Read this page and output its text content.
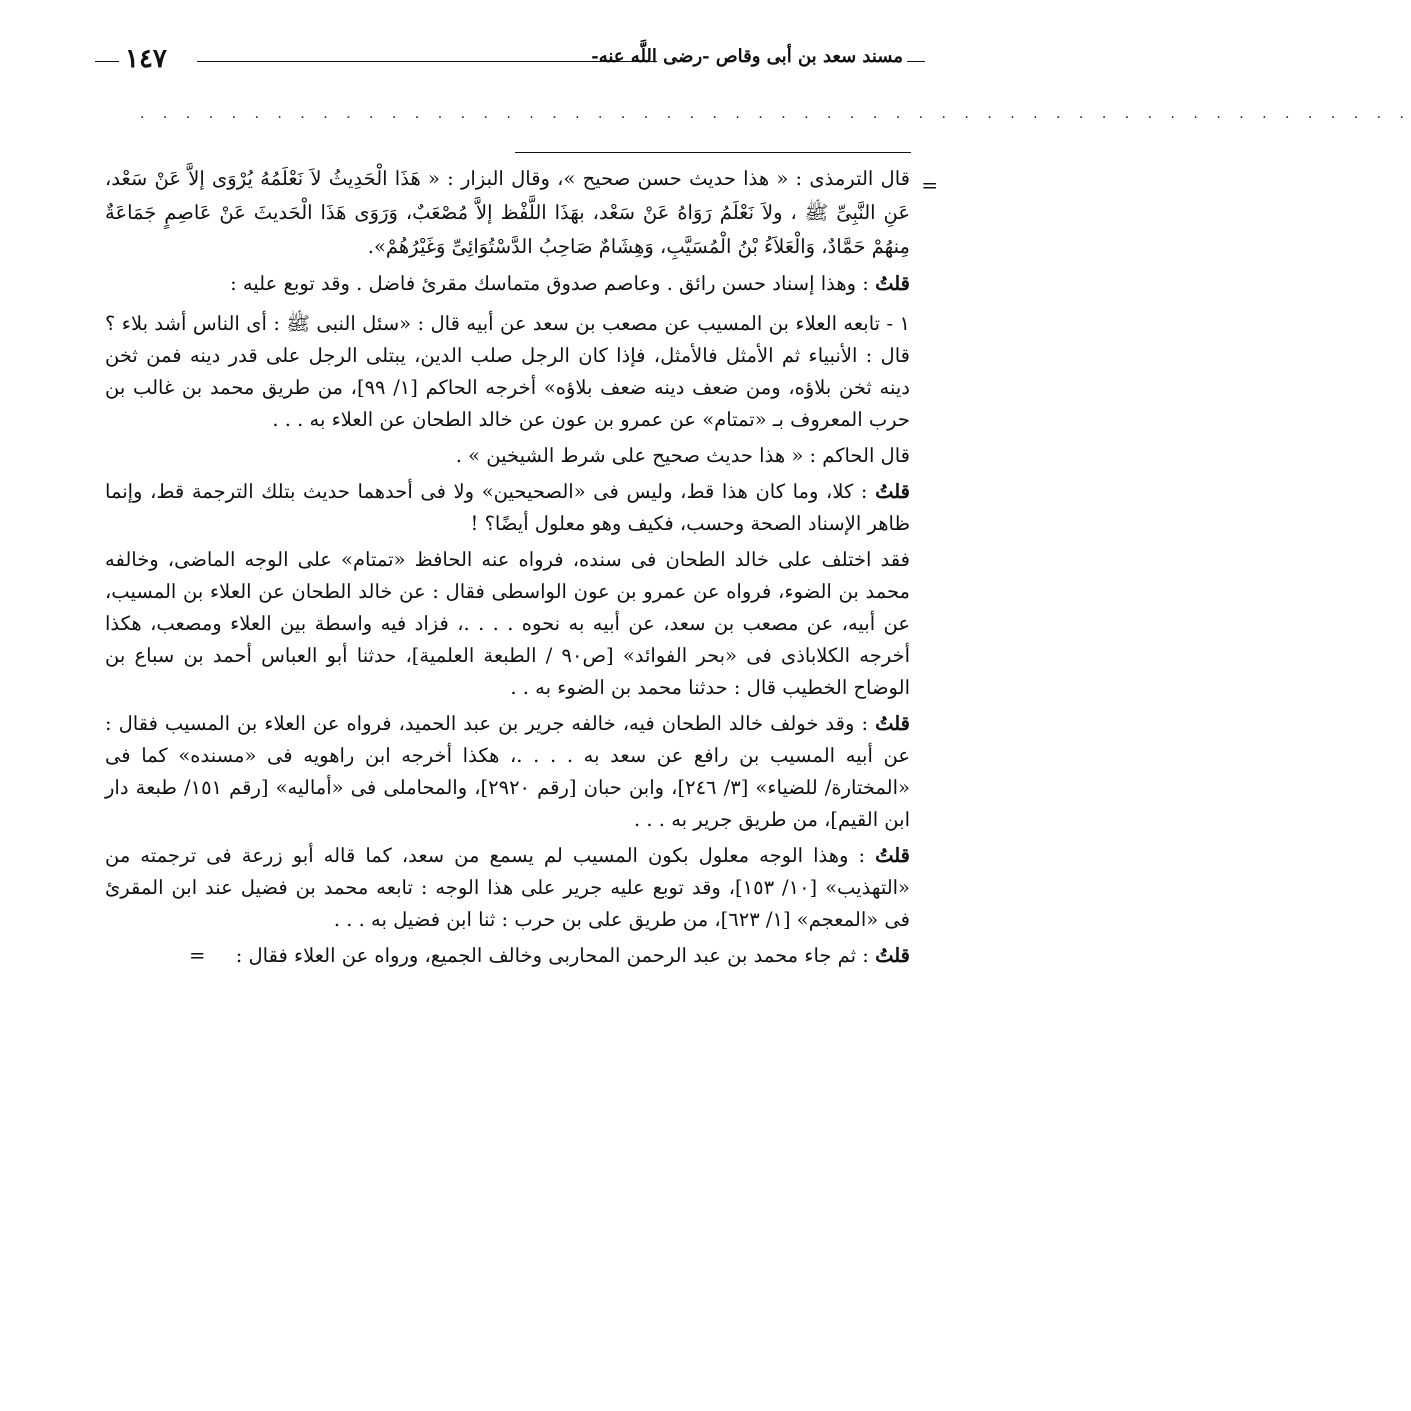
١٤٧	مسند سعد بن أبى وقاص -رضى اللَّه عنه-
. . . . . . . . . . . . . . . . . . . . . . . . . . . . . . . . . . . . . . . . . . . . . . . . . . . . . . . .

=
قال الترمذى : « هذا حديث حسن صحيح »، وقال البزار : « هَذَا الْحَدِيثُ لاَ نَعْلَمُهُ يُرْوَى إلاَّ عَنْ سَعْد، عَنِ النَّبِىِّ ﷺ ، ولاَ نَعْلَمُ رَوَاهُ عَنْ سَعْد، بهَذَا اللَّفْظ إلاَّ مُصْعَبٌ، وَرَوَى هَذَا الْحَديثَ عَنْ عَاصِمٍ جَمَاعَةٌ مِنهُمْ حَمَّادٌ، وَالْعَلاَءُ بْنُ الْمُسَيَّبِ، وَهِشَامٌ صَاحِبُ الدَّسْتُوَائِىِّ وَغَيْرُهُمْ».

قلتُ : وهذا إسناد حسن رائق . وعاصم صدوق متماسك مقرئ فاضل . وقد توبع عليه :

١ - تابعه العلاء بن المسيب عن مصعب بن سعد عن أبيه قال : «سئل النبى ﷺ : أى الناس أشد بلاء ؟ قال : الأنبياء ثم الأمثل فالأمثل، فإذا كان الرجل صلب الدين، يبتلى الرجل على قدر دينه فمن ثخن دينه ثخن بلاؤه، ومن ضعف دينه ضعف بلاؤه» أخرجه الحاكم [١/ ٩٩]، من طريق محمد بن غالب بن حرب المعروف بـ «تمتام» عن عمرو بن عون عن خالد الطحان عن العلاء به . . .

قال الحاكم : « هذا حديث صحيح على شرط الشيخين » .

قلتُ : كلا، وما كان هذا قط، وليس فى «الصحيحين» ولا فى أحدهما حديث بتلك الترجمة قط، وإنما ظاهر الإسناد الصحة وحسب، فكيف وهو معلول أيضًا؟ !

فقد اختلف على خالد الطحان فى سنده، فرواه عنه الحافظ «تمتام» على الوجه الماضى، وخالفه محمد بن الضوء، فرواه عن عمرو بن عون الواسطى فقال : عن خالد الطحان عن العلاء بن المسيب، عن أبيه، عن مصعب بن سعد، عن أبيه به نحوه . . . .، فزاد فيه واسطة بين العلاء ومصعب، هكذا أخرجه الكلاباذى فى «بحر الفوائد» [ص٩٠ / الطبعة العلمية]، حدثنا أبو العباس أحمد بن سباع بن الوضاح الخطيب قال : حدثنا محمد بن الضوء به . .

قلتُ : وقد خولف خالد الطحان فيه، خالفه جرير بن عبد الحميد، فرواه عن العلاء بن المسيب فقال : عن أبيه المسيب بن رافع عن سعد به . . . .، هكذا أخرجه ابن راهويه فى «مسنده» كما فى «المختارة/ للضياء» [٣/ ٢٤٦]، وابن حبان [رقم ٢٩٢٠]، والمحاملى فى «أماليه» [رقم ١٥١/ طبعة دار ابن القيم]، من طريق جرير به . . .

قلتُ : وهذا الوجه معلول بكون المسيب لم يسمع من سعد، كما قاله أبو زرعة فى ترجمته من «التهذيب» [١٠/ ١٥٣]، وقد توبع عليه جرير على هذا الوجه : تابعه محمد بن فضيل عند ابن المقرئ فى «المعجم» [١/ ٦٢٣]، من طريق على بن حرب : ثنا ابن فضيل به . . .

قلتُ : ثم جاء محمد بن عبد الرحمن المحاربى وخالف الجميع، ورواه عن العلاء فقال : =
